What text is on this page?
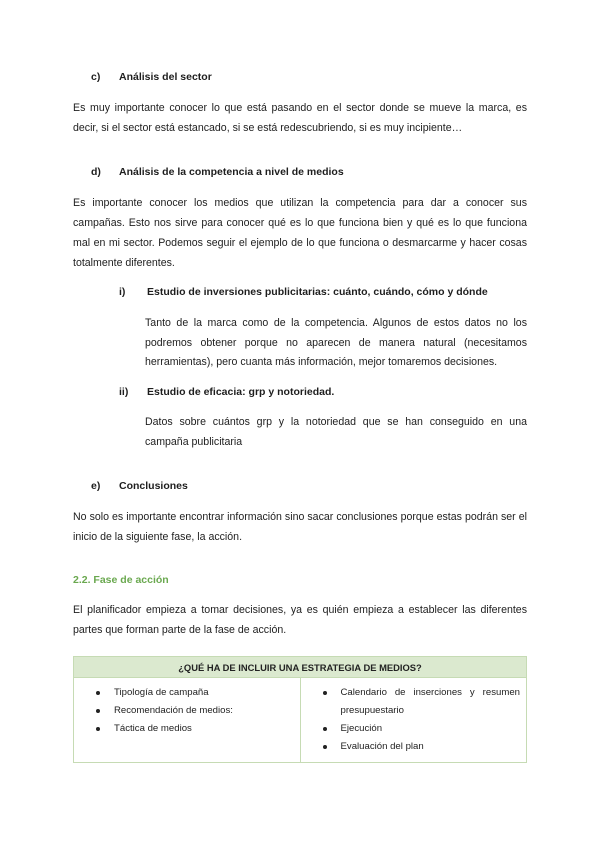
c) Análisis del sector
Es muy importante conocer lo que está pasando en el sector donde se mueve la marca, es decir, si el sector está estancado, si se está redescubriendo, si es muy incipiente…
d) Análisis de la competencia a nivel de medios
Es importante conocer los medios que utilizan la competencia para dar a conocer sus campañas. Esto nos sirve para conocer qué es lo que funciona bien y qué es lo que funciona mal en mi sector. Podemos seguir el ejemplo de lo que funciona o desmarcarme y hacer cosas totalmente diferentes.
i) Estudio de inversiones publicitarias: cuánto, cuándo, cómo y dónde
Tanto de la marca como de la competencia. Algunos de estos datos no los podremos obtener porque no aparecen de manera natural (necesitamos herramientas), pero cuanta más información, mejor tomaremos decisiones.
ii) Estudio de eficacia: grp y notoriedad.
Datos sobre cuántos grp y la notoriedad que se han conseguido en una campaña publicitaria
e) Conclusiones
No solo es importante encontrar información sino sacar conclusiones porque estas podrán ser el inicio de la siguiente fase, la acción.
2.2. Fase de acción
El planificador empieza a tomar decisiones, ya es quién empieza a establecer las diferentes partes que forman parte de la fase de acción.
¿QUÉ HA DE INCLUIR UNA ESTRATEGIA DE MEDIOS?

Tipología de campaña
Recomendación de medios:
Táctica de medios

Calendario de inserciones y resumen presupuestario
Ejecución
Evaluación del plan
